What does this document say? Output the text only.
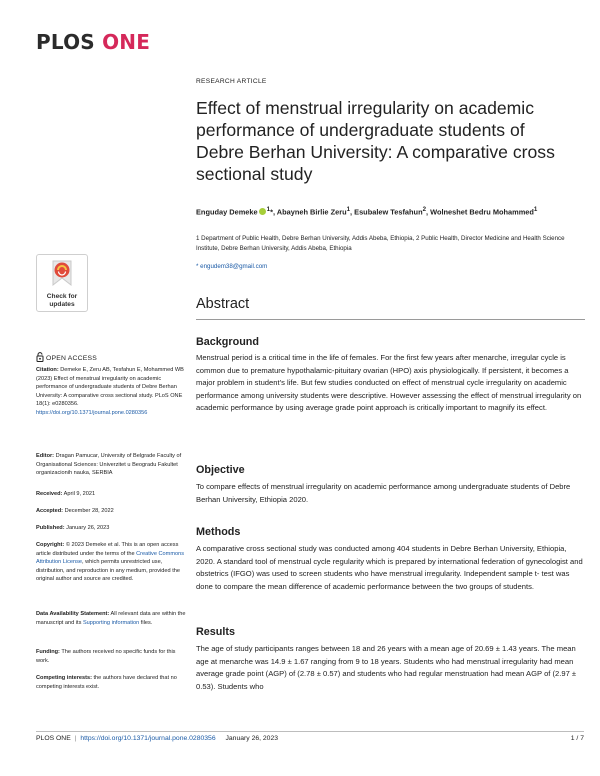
PLOS ONE
RESEARCH ARTICLE
Effect of menstrual irregularity on academic performance of undergraduate students of Debre Berhan University: A comparative cross sectional study
Enguday Demeke $^1$*, Abayneh Birlie Zeru$^1$, Esubalew Tesfahun$^2$, Wolneshet Bedru Mohammed$^1$
1 Department of Public Health, Debre Berhan University, Addis Abeba, Ethiopia, 2 Public Health, Director Medicine and Health Science Institute, Debre Berhan University, Addis Abeba, Ethiopia
* engudem38@gmail.com
Check for
updates	Abstract
Background
Menstrual period is a critical time in the life of females. For the first few years after menarche, irregular cycle is common due to premature hypothalamic-pituitary ovarian (HPO) axis physiologically. If persistent, it becomes a major problem in student’s life. But few studies conducted on effect of menstrual cycle irregularity on academic performance among university students were descriptive. However assessing the effect of menstrual irregularity on academic performance by using average grade point approach is critically important to magnify its effect.
Objective
To compare effects of menstrual irregularity on academic performance among undergraduate students of Debre Berhan University, Ethiopia 2020.
Methods
A comparative cross sectional study was conducted among 404 students in Debre Berhan University, Ethiopia, 2020. A standard tool of menstrual cycle regularity which is prepared by international federation of gynecologist and obstetrics (IFGO) was used to screen students who have menstrual irregularity. Independent sample t- test was done to compare the mean difference of academic performance between the two groups of students.
Results
The age of study participants ranges between 18 and 26 years with a mean age of 20.69 ± 1.43 years. The mean age at menarche was 14.9 ± 1.67 ranging from 9 to 18 years. Students who had menstrual irregularity had mean average grade point (AGP) of (2.78 ± 0.57) and students who had regular menstruation had mean AGP of (2.97 ± 0.53). Students who
OPEN ACCESS
Citation: Demeke E, Zeru AB, Tesfahun E, Mohammed WB (2023) Effect of menstrual irregularity on academic performance of undergraduate students of Debre Berhan University: A comparative cross sectional study. PLoS ONE 18(1): e0280356. https://doi.org/10.1371/journal.pone.0280356
Editor: Dragan Pamucar, University of Belgrade Faculty of Organisational Sciences: Univerzitet u Beogradu Fakultet organizacionih nauka, SERBIA
Received: April 9, 2021
Accepted: December 28, 2022
Published: January 26, 2023
Copyright: © 2023 Demeke et al. This is an open access article distributed under the terms of the Creative Commons Attribution License, which permits unrestricted use, distribution, and reproduction in any medium, provided the original author and source are credited.
Data Availability Statement: All relevant data are within the manuscript and its Supporting information files.
Funding: The authors received no specific funds for this work.
Competing interests: the authors have declared that no competing interests exist.
PLOS ONE | https://doi.org/10.1371/journal.pone.0280356 January 26, 2023	1 / 7
